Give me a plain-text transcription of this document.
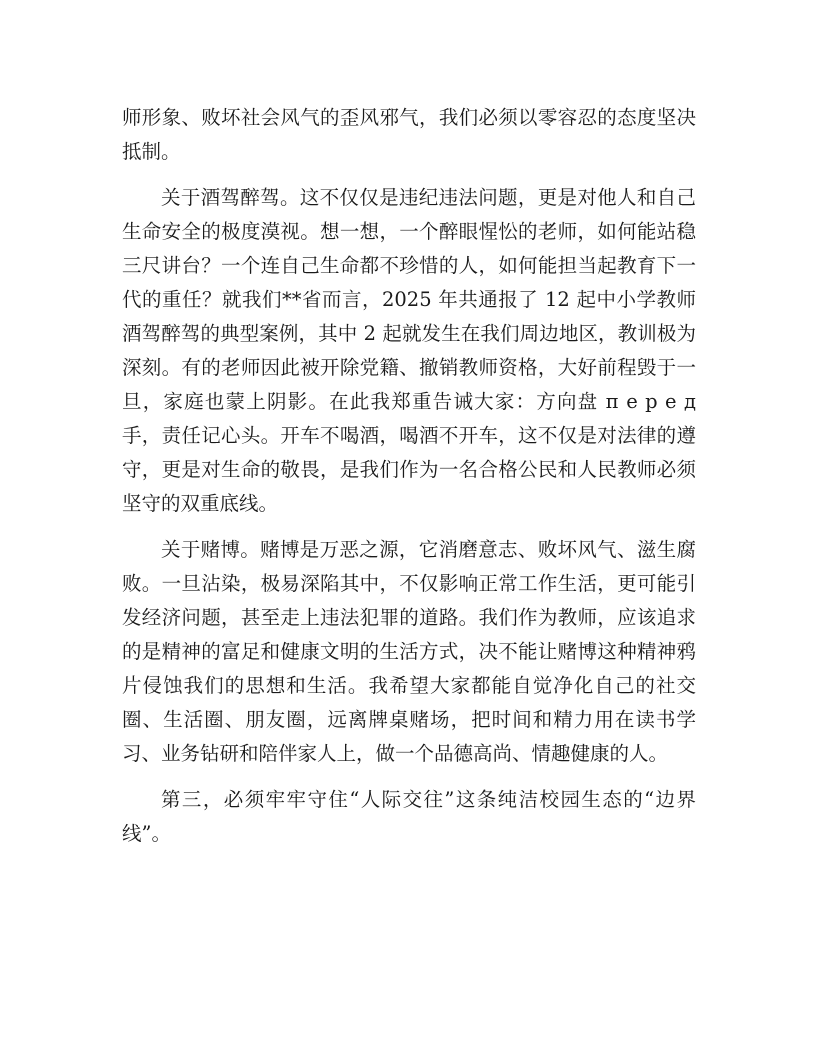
师形象、败坏社会风气的歪风邪气，我们必须以零容忍的态度坚决抵制。

关于酒驾醉驾。这不仅仅是违纪违法问题，更是对他人和自己生命安全的极度漠视。想一想，一个醉眼惺忪的老师，如何能站稳三尺讲台？一个连自己生命都不珍惜的人，如何能担当起教育下一代的重任？就我们**省而言，2025 年共通报了 12 起中小学教师酒驾醉驾的典型案例，其中 2 起就发生在我们周边地区，教训极为深刻。有的老师因此被开除党籍、撤销教师资格，大好前程毁于一旦，家庭也蒙上阴影。在此我郑重告诫大家：方向盘 п е р е д 手，责任记心头。开车不喝酒，喝酒不开车，这不仅是对法律的遵守，更是对生命的敬畏，是我们作为一名合格公民和人民教师必须坚守的双重底线。

关于赌博。赌博是万恶之源，它消磨意志、败坏风气、滋生腐败。一旦沾染，极易深陷其中，不仅影响正常工作生活，更可能引发经济问题，甚至走上违法犯罪的道路。我们作为教师，应该追求的是精神的富足和健康文明的生活方式，决不能让赌博这种精神鸦片侵蚀我们的思想和生活。我希望大家都能自觉净化自己的社交圈、生活圈、朋友圈，远离牌桌赌场，把时间和精力用在读书学习、业务钻研和陪伴家人上，做一个品德高尚、情趣健康的人。

第三，必须牢牢守住“人际交往”这条纯洁校园生态的“边界线”。
